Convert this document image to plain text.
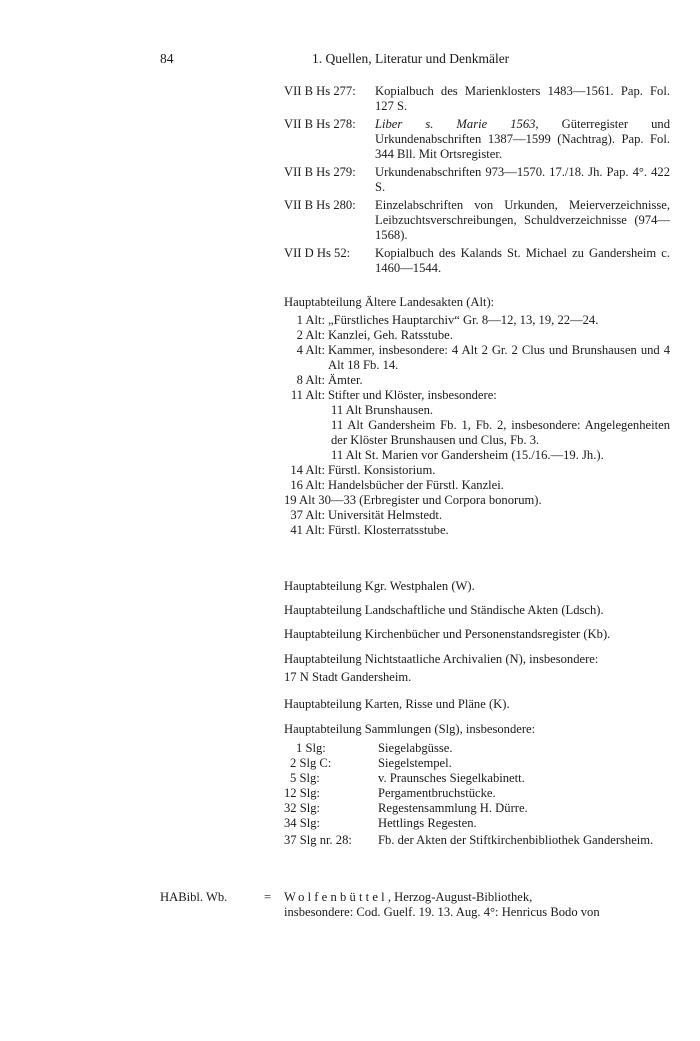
84	1. Quellen, Literatur und Denkmäler
VII B Hs 277:	Kopialbuch des Marienklosters 1483—1561. Pap. Fol. 127 S.
VII B Hs 278:	Liber s. Marie 1563, Güterregister und Urkundenabschriften 1387—1599 (Nachtrag). Pap. Fol. 344 Bll. Mit Ortsregister.
VII B Hs 279:	Urkundenabschriften 973—1570. 17./18. Jh. Pap. 4°. 422 S.
VII B Hs 280:	Einzelabschriften von Urkunden, Meierverzeichnisse, Leibzuchtsverschreibungen, Schuldverzeichnisse (974—1568).
VII D Hs 52:	Kopialbuch des Kalands St. Michael zu Gandersheim c. 1460—1544.

Hauptabteilung Ältere Landesakten (Alt):

1 Alt: „Fürstliches Hauptarchiv“ Gr. 8—12, 13, 19, 22—24.
2 Alt: Kanzlei, Geh. Ratsstube.
4 Alt: Kammer, insbesondere: 4 Alt 2 Gr. 2 Clus und Brunshausen und 4 Alt 18 Fb. 14.
8 Alt: Ämter.
11 Alt: Stifter und Klöster, insbesondere:
11 Alt Brunshausen.
11 Alt Gandersheim Fb. 1, Fb. 2, insbesondere: Angelegenheiten der Klöster Brunshausen und Clus, Fb. 3.
11 Alt St. Marien vor Gandersheim (15./16.—19. Jh.).
14 Alt: Fürstl. Konsistorium.
16 Alt: Handelsbücher der Fürstl. Kanzlei.
19 Alt 30—33 (Erbregister und Corpora bonorum).
37 Alt: Universität Helmstedt.
41 Alt: Fürstl. Klosterratsstube.

Hauptabteilung Kgr. Westphalen (W).

Hauptabteilung Landschaftliche und Ständische Akten (Ldsch).

Hauptabteilung Kirchenbücher und Personenstandsregister (Kb).

Hauptabteilung Nichtstaatliche Archivalien (N), insbesondere:

17 N Stadt Gandersheim.

Hauptabteilung Karten, Risse und Pläne (K).

Hauptabteilung Sammlungen (Slg), insbesondere:

1 Slg:	Siegelabgüsse.
2 Slg C:	Siegelstempel.
5 Slg:	v. Praunsches Siegelkabinett.
12 Slg:	Pergamentbruchstücke.
32 Slg:	Regestensammlung H. Dürre.
34 Slg:	Hettlings Regesten.
37 Slg nr. 28:	Fb. der Akten der Stiftkirchenbibliothek Gandersheim.
HABibl. Wb.	= Wolfenbüttel, Herzog-August-Bibliothek,
insbesondere: Cod. Guelf. 19. 13. Aug. 4°: Henricus Bodo von
